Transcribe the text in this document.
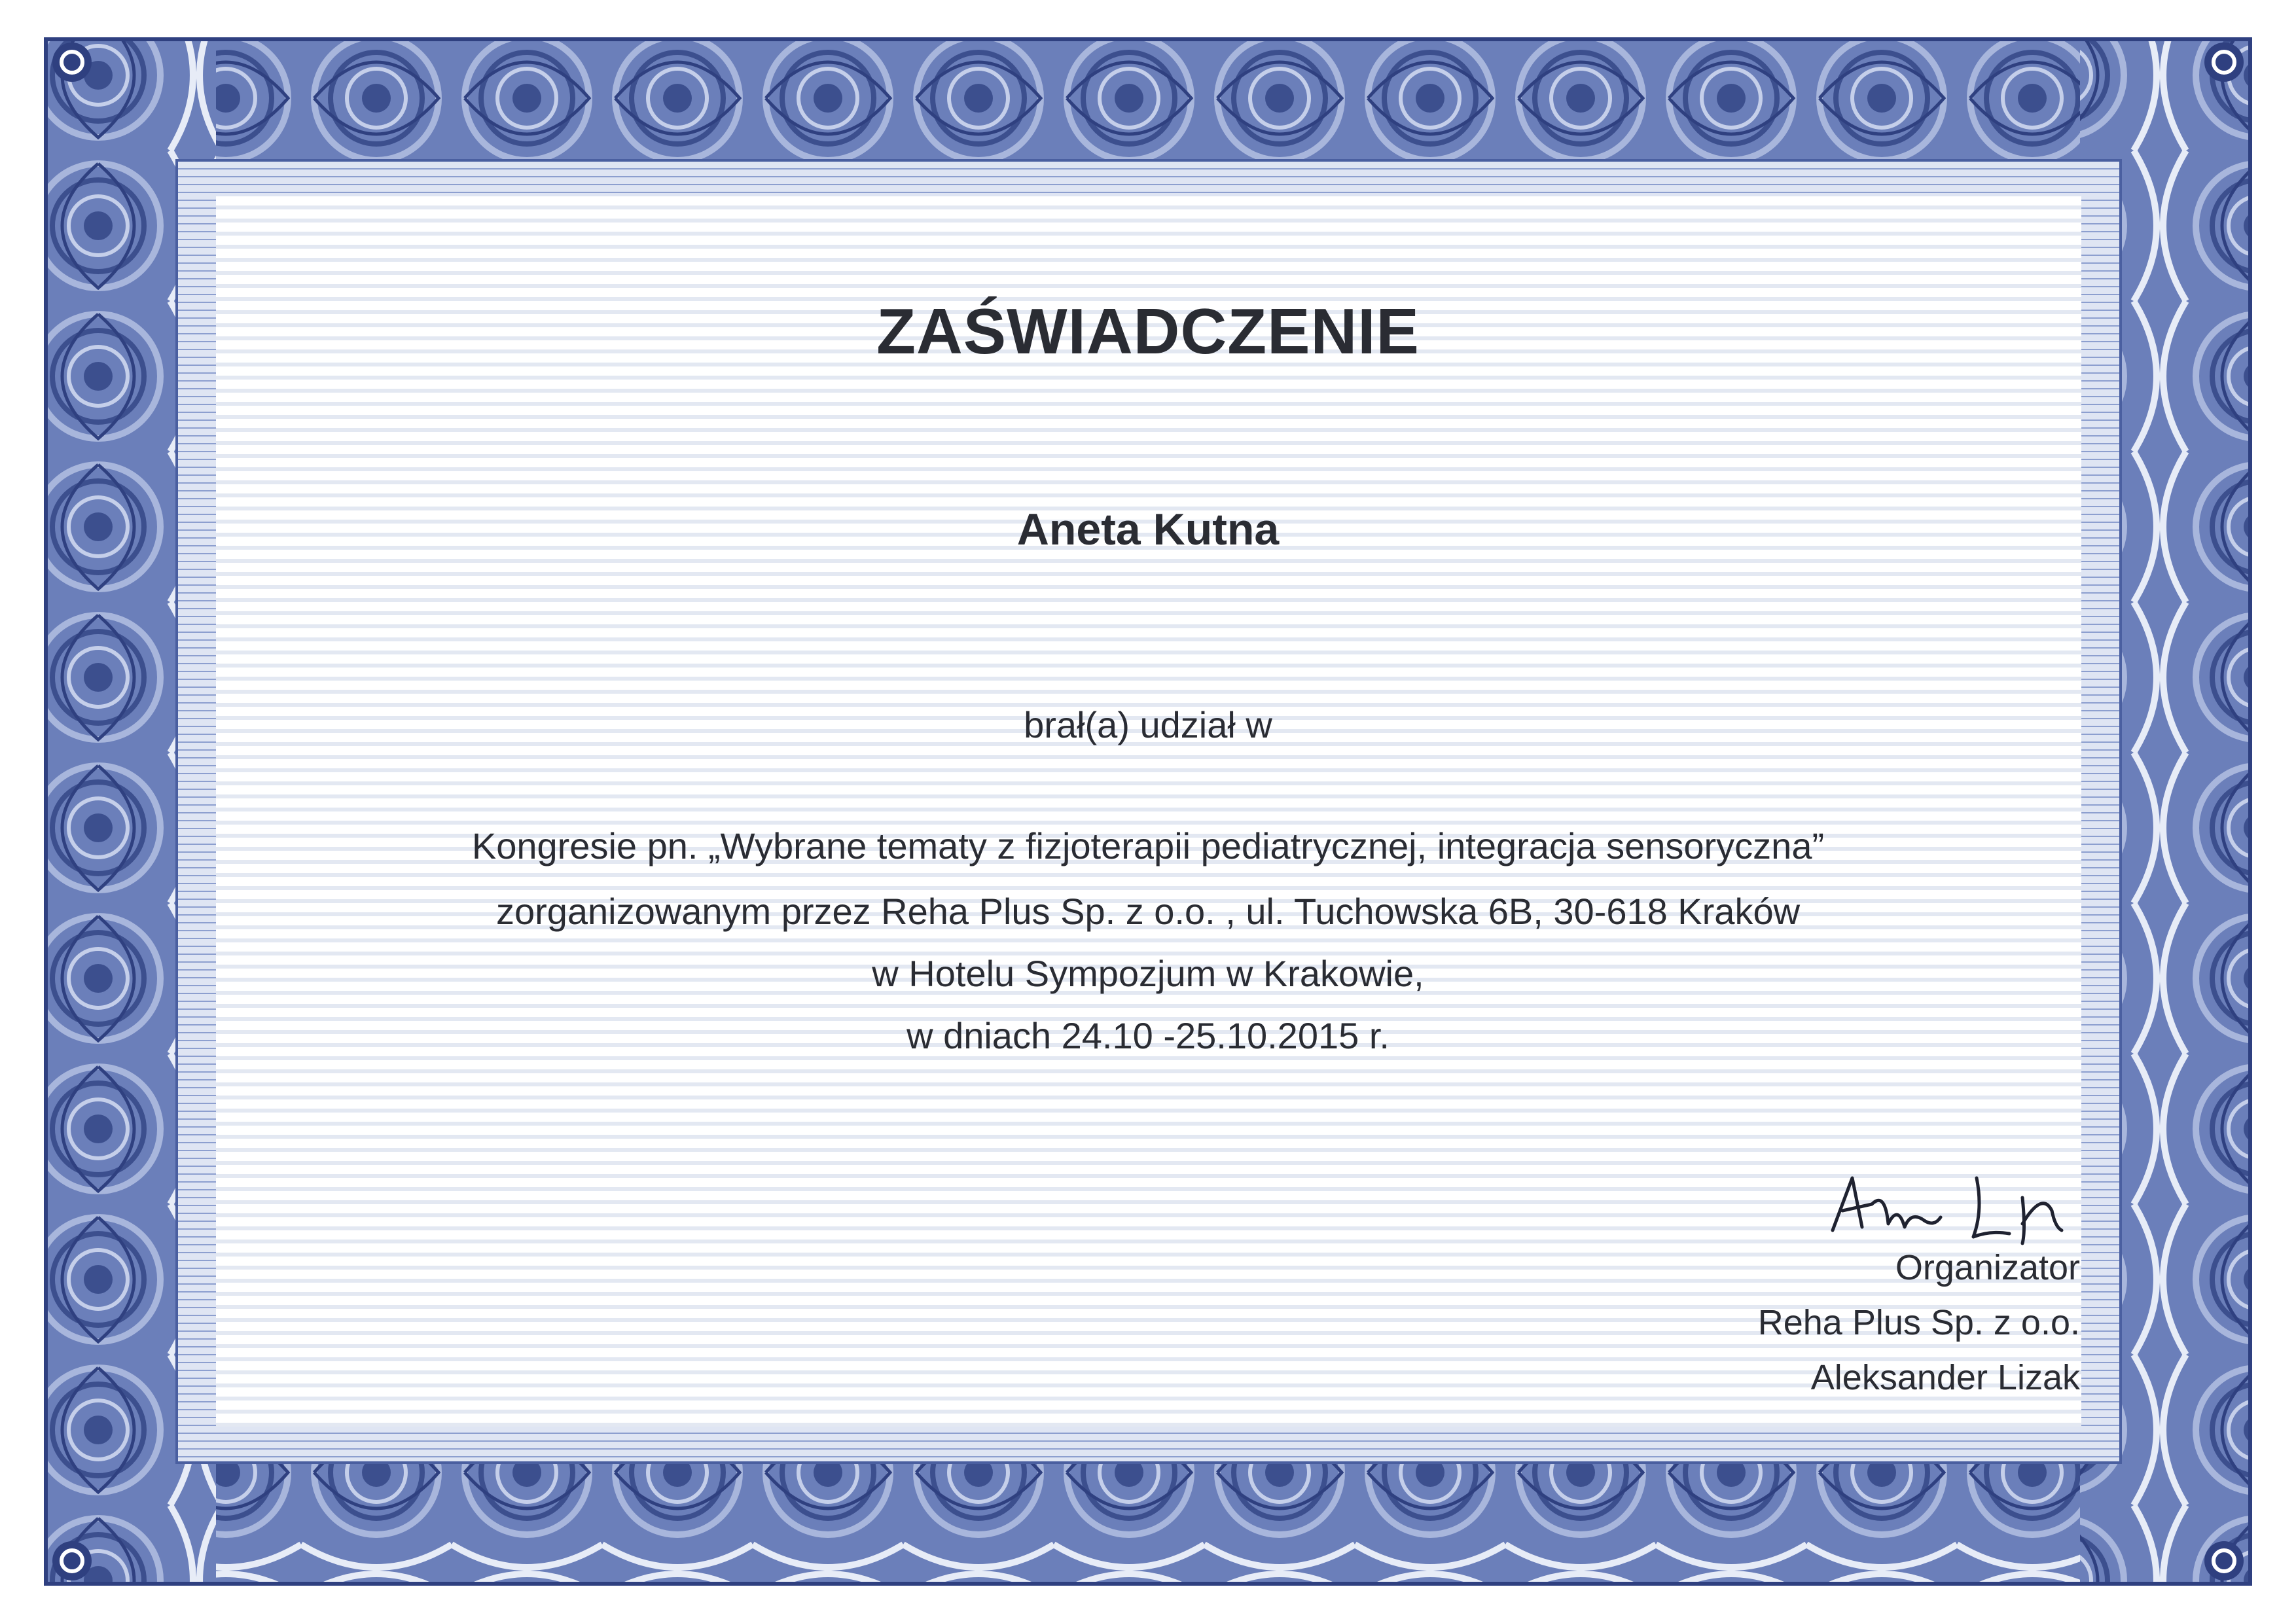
ZAŚWIADCZENIE
Aneta Kutna
brał(a) udział w
Kongresie pn. „Wybrane tematy z fizjoterapii pediatrycznej, integracja sensoryczna”
zorganizowanym przez Reha Plus Sp. z o.o. , ul. Tuchowska 6B, 30-618 Kraków
w Hotelu Sympozjum w Krakowie,
w dniach 24.10 -25.10.2015 r.
Organizator
Reha Plus Sp. z o.o.
Aleksander Lizak
